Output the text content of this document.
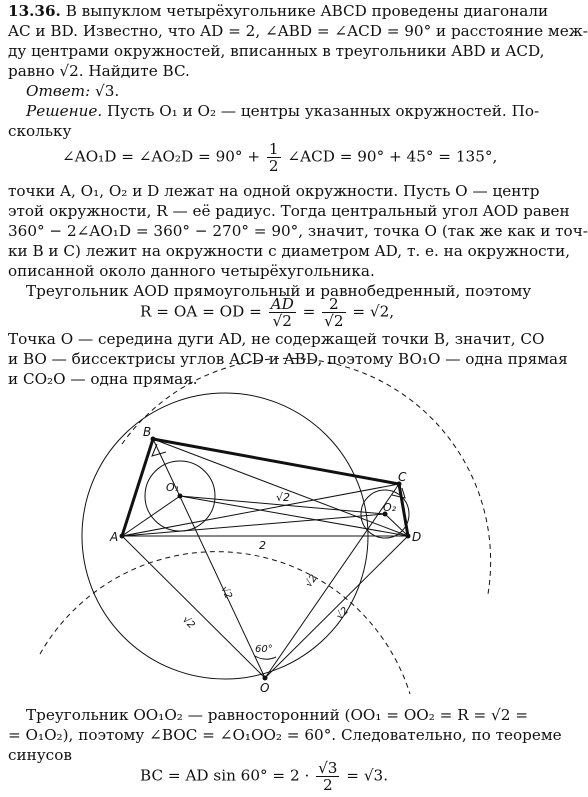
13.36. В выпуклом четырёхугольнике ABCD проведены диагонали
AC и BD. Известно, что AD = 2, ∠ABD = ∠ACD = 90° и расстояние меж-
ду центрами окружностей, вписанных в треугольники ABD и ACD,
равно √2. Найдите BC.
Ответ: √3.
Решение. Пусть O₁ и O₂ — центры указанных окружностей. По-
скольку
∠AO₁D = ∠AO₂D = $90^\circ + \frac{1}{2}$ ∠ACD = 90° + 45° = 135°,
точки A, O₁, O₂ и D лежат на одной окружности. Пусть O — центр
этой окружности, R — её радиус. Тогда центральный угол AOD равен
360° − 2∠AO₁D = 360° − 270° = 90°, значит, точка O (так же как и точ-
ки B и C) лежит на окружности с диаметром AD, т. е. на окружности,
описанной около данного четырёхугольника.
Треугольник AOD прямоугольный и равнобедренный, поэтому
R = OA = OD = $\frac{AD}{√2} = \frac{2}{√2} = √2$,
Точка O — середина дуги AD, не содержащей точки B, значит, CO
и BO — биссектрисы углов ACD и ABD, поэтому BO₁O — одна прямая
и CO₂O — одна прямая.
B
C
A	D
O
O₁
O₂
2
√2
√2
√2
√2
√2
60°
Треугольник OO₁O₂ — равносторонний (OO₁ = OO₂ = R = √2 =
= O₁O₂), поэтому ∠BOC = ∠O₁OO₂ = 60°. Следовательно, по теореме
синусов
BC = AD $\sin 60^\circ = 2 \cdot \frac{√3}{2} = √3$.
